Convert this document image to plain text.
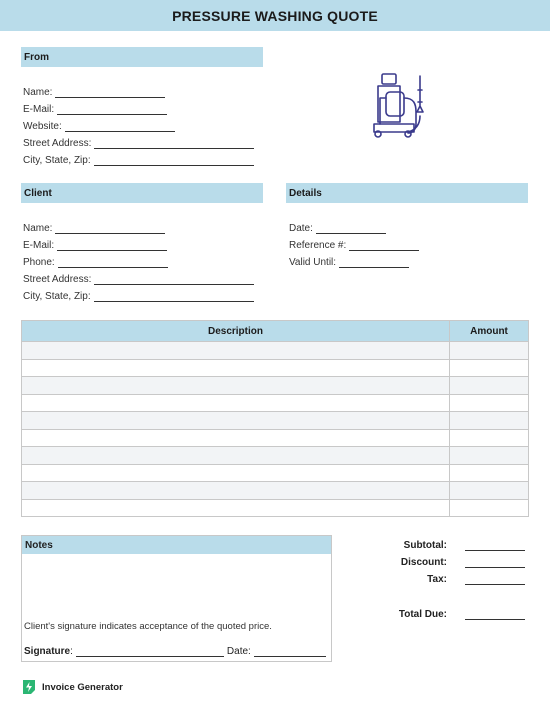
PRESSURE WASHING QUOTE
From
Name:
E-Mail:
Website:
Street Address:
City, State, Zip:
Client
Name:
E-Mail:
Phone:
Street Address:
City, State, Zip:
Details
Date:
Reference #:
Valid Until:
Description	Amount

Notes
Client's signature indicates acceptance of the quoted price.
Signature :	Date:
Subtotal:
Discount:
Tax:
Total Due:
Invoice Generator
